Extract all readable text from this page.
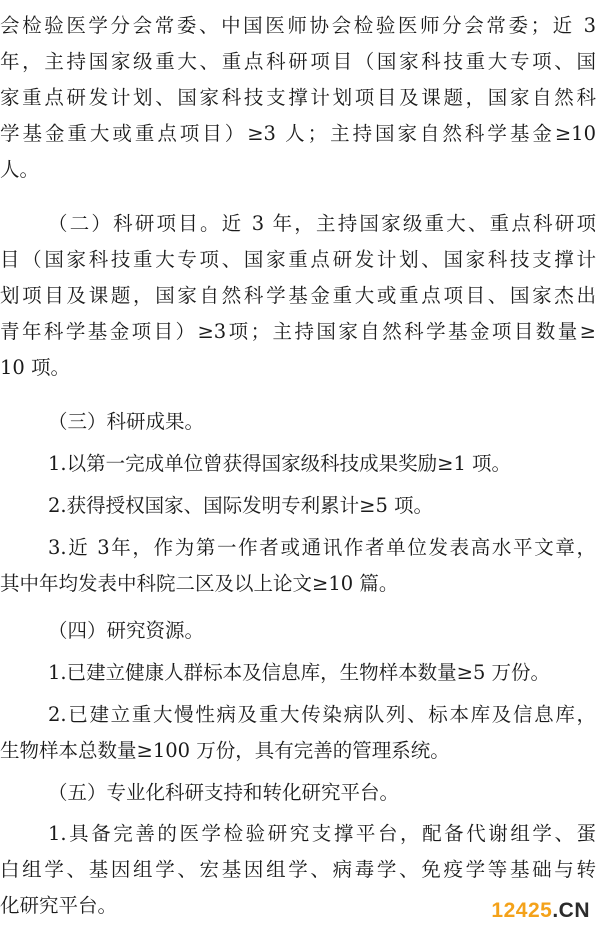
会检验医学分会常委、中国医师协会检验医师分会常委；近 3
年，主持国家级重大、重点科研项目（国家科技重大专项、国
家重点研发计划、国家科技支撑计划项目及课题，国家自然科
学基金重大或重点项目）≥3 人；主持国家自然科学基金≥10
人。
（二）科研项目。近 3 年，主持国家级重大、重点科研项
目（国家科技重大专项、国家重点研发计划、国家科技支撑计
划项目及课题，国家自然科学基金重大或重点项目、国家杰出
青年科学基金项目）≥3项；主持国家自然科学基金项目数量≥
10 项。
（三）科研成果。
1.以第一完成单位曾获得国家级科技成果奖励≥1 项。
2.获得授权国家、国际发明专利累计≥5 项。
3.近 3年，作为第一作者或通讯作者单位发表高水平文章，
其中年均发表中科院二区及以上论文≥10 篇。
（四）研究资源。
1.已建立健康人群标本及信息库，生物样本数量≥5 万份。
2.已建立重大慢性病及重大传染病队列、标本库及信息库，
生物样本总数量≥100 万份，具有完善的管理系统。
（五）专业化科研支持和转化研究平台。
1.具备完善的医学检验研究支撑平台，配备代谢组学、蛋
白组学、基因组学、宏基因组学、病毒学、免疫学等基础与转
化研究平台。	12425.CN
